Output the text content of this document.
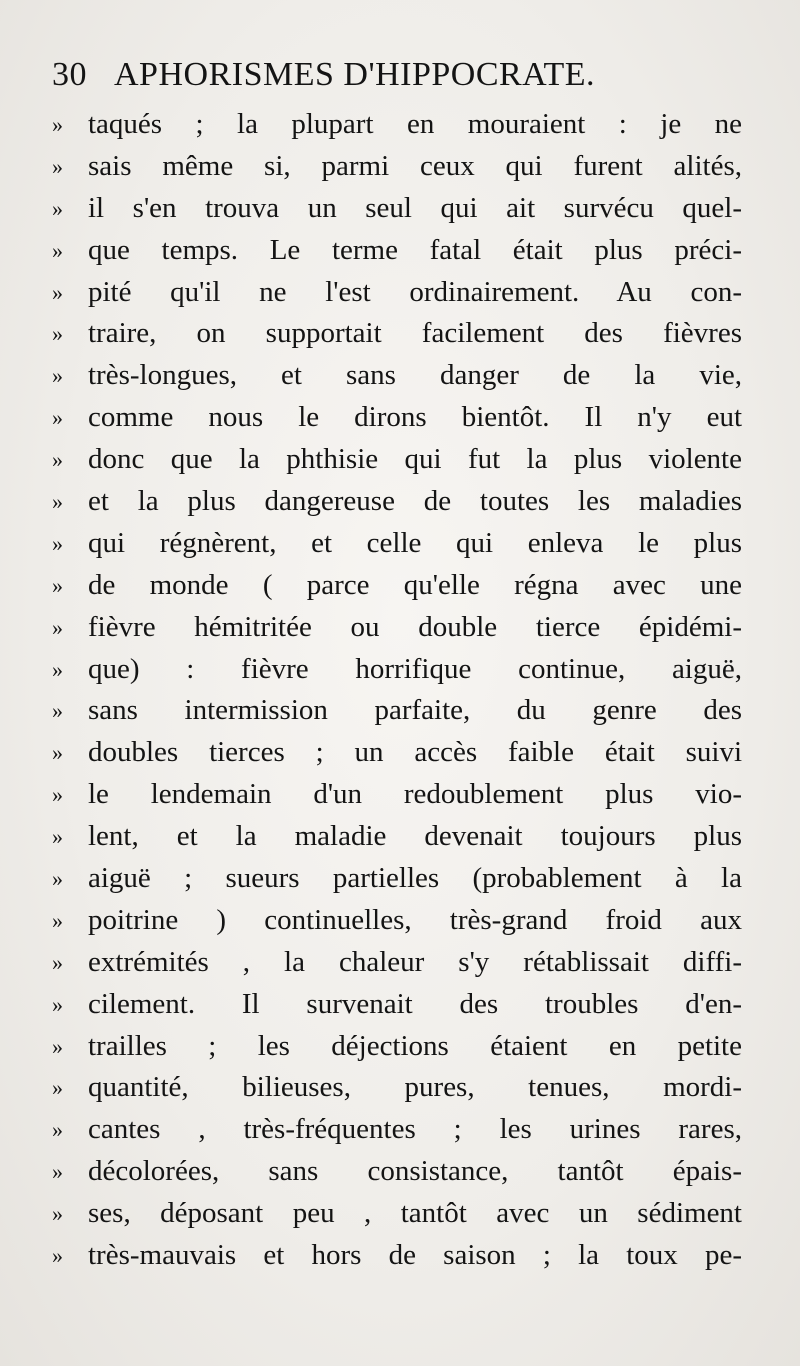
30 APHORISMES D'HIPPOCRATE.
» taqués ; la plupart en mouraient : je ne
» sais même si, parmi ceux qui furent alités,
» il s'en trouva un seul qui ait survécu quel-
» que temps. Le terme fatal était plus préci-
» pité qu'il ne l'est ordinairement. Au con-
» traire, on supportait facilement des fièvres
» très-longues, et sans danger de la vie,
» comme nous le dirons bientôt. Il n'y eut
» donc que la phthisie qui fut la plus violente
» et la plus dangereuse de toutes les maladies
» qui régnèrent, et celle qui enleva le plus
» de monde ( parce qu'elle régna avec une
» fièvre hémitritée ou double tierce épidémi-
» que) : fièvre horrifique continue, aiguë,
» sans intermission parfaite, du genre des
» doubles tierces ; un accès faible était suivi
» le lendemain d'un redoublement plus vio-
» lent, et la maladie devenait toujours plus
» aiguë ; sueurs partielles (probablement à la
» poitrine ) continuelles, très-grand froid aux
» extrémités , la chaleur s'y rétablissait diffi-
» cilement. Il survenait des troubles d'en-
» trailles ; les déjections étaient en petite
» quantité, bilieuses, pures, tenues, mordi-
» cantes , très-fréquentes ; les urines rares,
» décolorées, sans consistance, tantôt épais-
» ses, déposant peu , tantôt avec un sédiment
» très-mauvais et hors de saison ; la toux pe-
